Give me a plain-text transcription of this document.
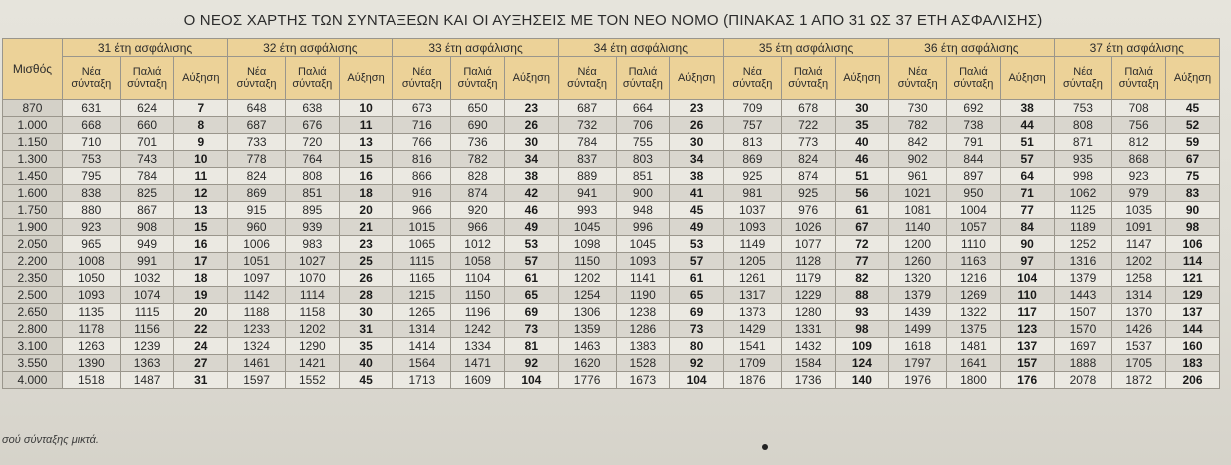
Ο ΝΕΟΣ ΧΑΡΤΗΣ ΤΩΝ ΣΥΝΤΑΞΕΩΝ ΚΑΙ ΟΙ ΑΥΞΗΣΕΙΣ ΜΕ ΤΟΝ ΝΕΟ ΝΟΜΟ (ΠΙΝΑΚΑΣ 1 ΑΠΟ 31 ΩΣ 37 ΕΤΗ ΑΣΦΑΛΙΣΗΣ)
Μισθός	31 έτη ασφάλισης			32 έτη ασφάλισης			33 έτη ασφάλισης			34 έτη ασφάλισης			35 έτη ασφάλισης			36 έτη ασφάλισης			37 έτη ασφάλισης		
	Νέα σύνταξη	Παλιά σύνταξη	Αύξηση	Νέα σύνταξη	Παλιά σύνταξη	Αύξηση	Νέα σύνταξη	Παλιά σύνταξη	Αύξηση	Νέα σύνταξη	Παλιά σύνταξη	Αύξηση	Νέα σύνταξη	Παλιά σύνταξη	Αύξηση	Νέα σύνταξη	Παλιά σύνταξη	Αύξηση	Νέα σύνταξη	Παλιά σύνταξη	Αύξηση
870	631	624	7	648	638	10	673	650	23	687	664	23	709	678	30	730	692	38	753	708	45
1.000	668	660	8	687	676	11	716	690	26	732	706	26	757	722	35	782	738	44	808	756	52
1.150	710	701	9	733	720	13	766	736	30	784	755	30	813	773	40	842	791	51	871	812	59
1.300	753	743	10	778	764	15	816	782	34	837	803	34	869	824	46	902	844	57	935	868	67
1.450	795	784	11	824	808	16	866	828	38	889	851	38	925	874	51	961	897	64	998	923	75
1.600	838	825	12	869	851	18	916	874	42	941	900	41	981	925	56	1021	950	71	1062	979	83
1.750	880	867	13	915	895	20	966	920	46	993	948	45	1037	976	61	1081	1004	77	1125	1035	90
1.900	923	908	15	960	939	21	1015	966	49	1045	996	49	1093	1026	67	1140	1057	84	1189	1091	98
2.050	965	949	16	1006	983	23	1065	1012	53	1098	1045	53	1149	1077	72	1200	1110	90	1252	1147	106
2.200	1008	991	17	1051	1027	25	1115	1058	57	1150	1093	57	1205	1128	77	1260	1163	97	1316	1202	114
2.350	1050	1032	18	1097	1070	26	1165	1104	61	1202	1141	61	1261	1179	82	1320	1216	104	1379	1258	121
2.500	1093	1074	19	1142	1114	28	1215	1150	65	1254	1190	65	1317	1229	88	1379	1269	110	1443	1314	129
2.650	1135	1115	20	1188	1158	30	1265	1196	69	1306	1238	69	1373	1280	93	1439	1322	117	1507	1370	137
2.800	1178	1156	22	1233	1202	31	1314	1242	73	1359	1286	73	1429	1331	98	1499	1375	123	1570	1426	144
3.100	1263	1239	24	1324	1290	35	1414	1334	81	1463	1383	80	1541	1432	109	1618	1481	137	1697	1537	160
3.550	1390	1363	27	1461	1421	40	1564	1471	92	1620	1528	92	1709	1584	124	1797	1641	157	1888	1705	183
4.000	1518	1487	31	1597	1552	45	1713	1609	104	1776	1673	104	1876	1736	140	1976	1800	176	2078	1872	206
σού σύνταξης μικτά.
